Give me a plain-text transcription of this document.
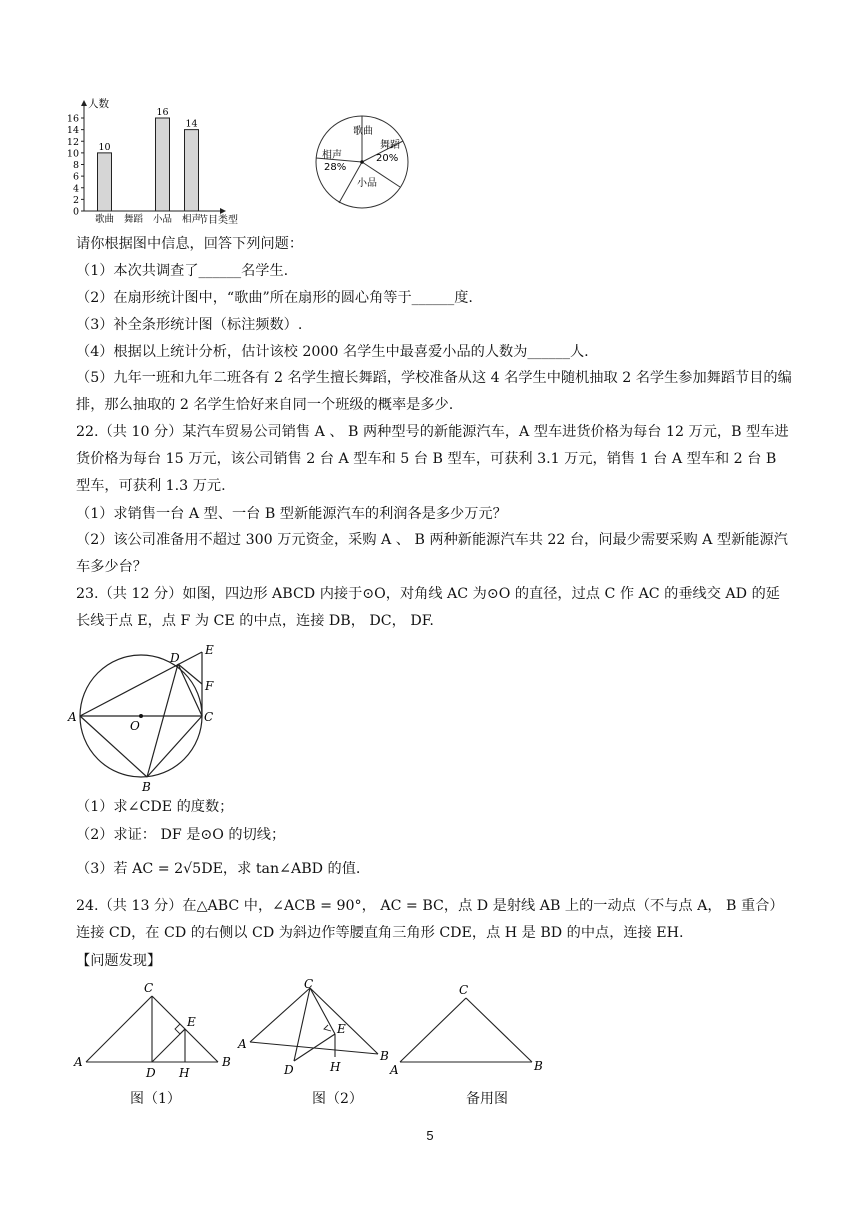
0
2
4
6
8
10
12
14
16
10
16
14
歌曲 舞蹈 小品 相声
人数
节目类型
歌曲
舞蹈
20%
相声
28%
小品
请你根据图中信息，回答下列问题：
（1）本次共调查了______名学生.
（2）在扇形统计图中，“歌曲”所在扇形的圆心角等于______度.
（3）补全条形统计图（标注频数）.
（4）根据以上统计分析，估计该校 2000 名学生中最喜爱小品的人数为______人.
（5）九年一班和九年二班各有 2 名学生擅长舞蹈，学校准备从这 4 名学生中随机抽取 2 名学生参加舞蹈节目的编排，那么抽取的 2 名学生恰好来自同一个班级的概率是多少.
22.（共 10 分）某汽车贸易公司销售 A 、 B 两种型号的新能源汽车，A 型车进货价格为每台 12 万元，B 型车进货价格为每台 15 万元，该公司销售 2 台 A 型车和 5 台 B 型车，可获利 3.1 万元，销售 1 台 A 型车和 2 台 B 型车，可获利 1.3 万元.
（1）求销售一台 A 型、一台 B 型新能源汽车的利润各是多少万元？
（2）该公司准备用不超过 300 万元资金，采购 A 、 B 两种新能源汽车共 22 台，问最少需要采购 A 型新能源汽车多少台？
23.（共 12 分）如图，四边形 ABCD 内接于⊙O，对角线 AC 为⊙O 的直径，过点 C 作 AC 的垂线交 AD 的延长线于点 E，点 F 为 CE 的中点，连接 DB， DC， DF.
A
B
C
D
E
F
O
（1）求∠CDE 的度数；
（2）求证： DF 是⊙O 的切线；
（3）若 AC = 2√5DE，求 tan∠ABD 的值.
24.（共 13 分）在△ABC 中，∠ACB = 90°， AC = BC，点 D 是射线 AB 上的一动点（不与点 A， B 重合）连接 CD，在 CD 的右侧以 CD 为斜边作等腰直角三角形 CDE，点 H 是 BD 的中点，连接 EH.
【问题发现】
A	B
C
D
E
H
A
B
C
D
E
H	A	B
C
图（1）	图（2）	备用图
5
